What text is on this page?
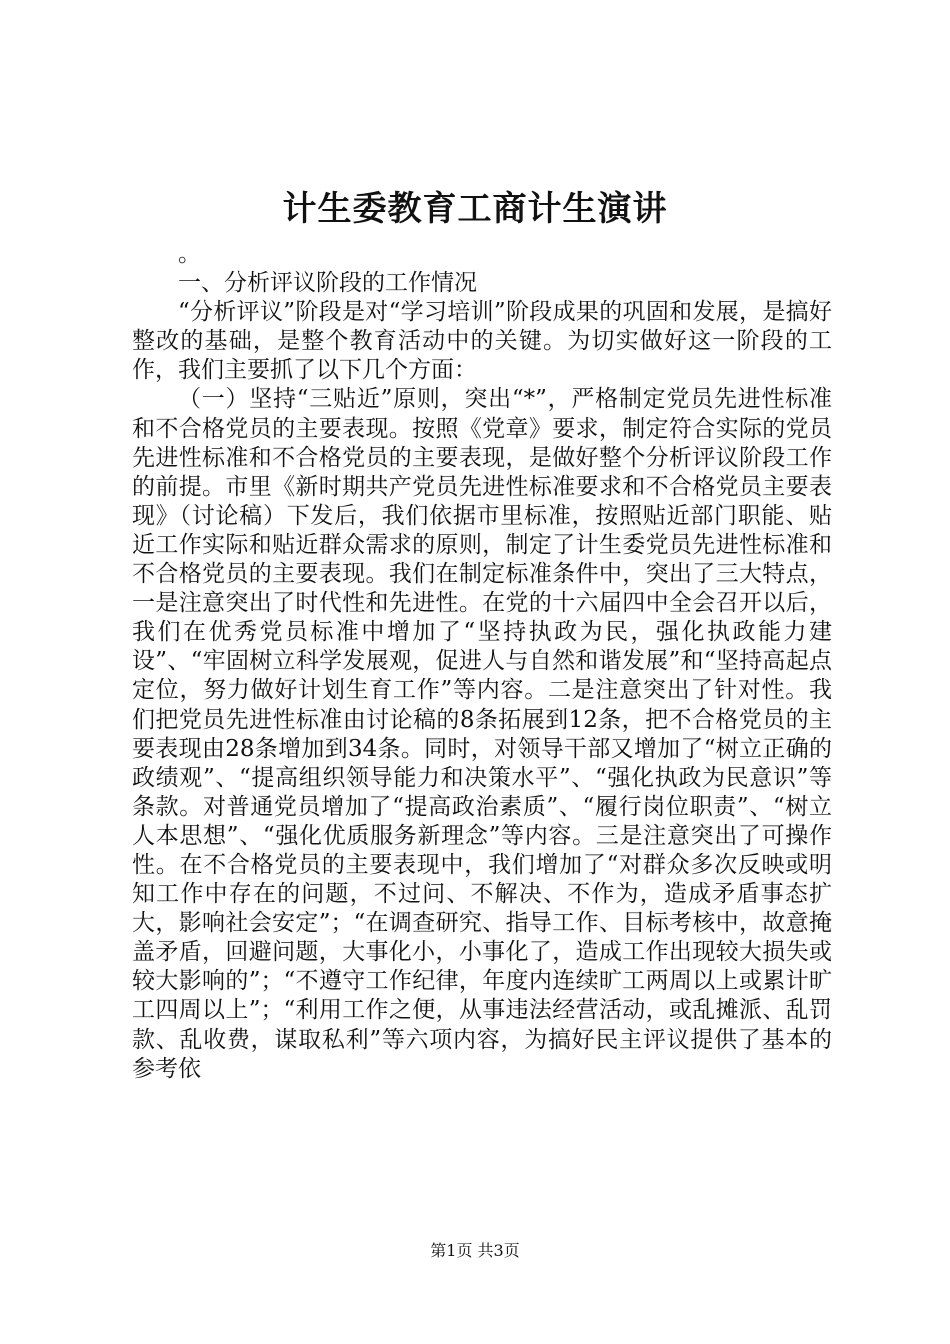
计生委教育工商计生演讲

。

一、分析评议阶段的工作情况

“分析评议”阶段是对“学习培训”阶段成果的巩固和发展，是搞好整改的基础，是整个教育活动中的关键。为切实做好这一阶段的工作，我们主要抓了以下几个方面：

（一）坚持“三贴近”原则，突出“*”，严格制定党员先进性标准和不合格党员的主要表现。按照《党章》要求，制定符合实际的党员先进性标准和不合格党员的主要表现，是做好整个分析评议阶段工作的前提。市里《新时期共产党员先进性标准要求和不合格党员主要表现》（讨论稿）下发后，我们依据市里标准，按照贴近部门职能、贴近工作实际和贴近群众需求的原则，制定了计生委党员先进性标准和不合格党员的主要表现。我们在制定标准条件中，突出了三大特点，一是注意突出了时代性和先进性。在党的十六届四中全会召开以后，我们在优秀党员标准中增加了“坚持执政为民，强化执政能力建设”、“牢固树立科学发展观，促进人与自然和谐发展”和“坚持高起点定位，努力做好计划生育工作”等内容。二是注意突出了针对性。我们把党员先进性标准由讨论稿的8条拓展到12条，把不合格党员的主要表现由28条增加到34条。同时，对领导干部又增加了“树立正确的政绩观”、“提高组织领导能力和决策水平”、“强化执政为民意识”等条款。对普通党员增加了“提高政治素质”、“履行岗位职责”、“树立人本思想”、“强化优质服务新理念”等内容。三是注意突出了可操作性。在不合格党员的主要表现中，我们增加了“对群众多次反映或明知工作中存在的问题，不过问、不解决、不作为，造成矛盾事态扩大，影响社会安定”；“在调查研究、指导工作、目标考核中，故意掩盖矛盾，回避问题，大事化小，小事化了，造成工作出现较大损失或较大影响的”；“不遵守工作纪律，年度内连续旷工两周以上或累计旷工四周以上”；“利用工作之便，从事违法经营活动，或乱摊派、乱罚款、乱收费，谋取私利”等六项内容，为搞好民主评议提供了基本的参考依

第1页 共3页
